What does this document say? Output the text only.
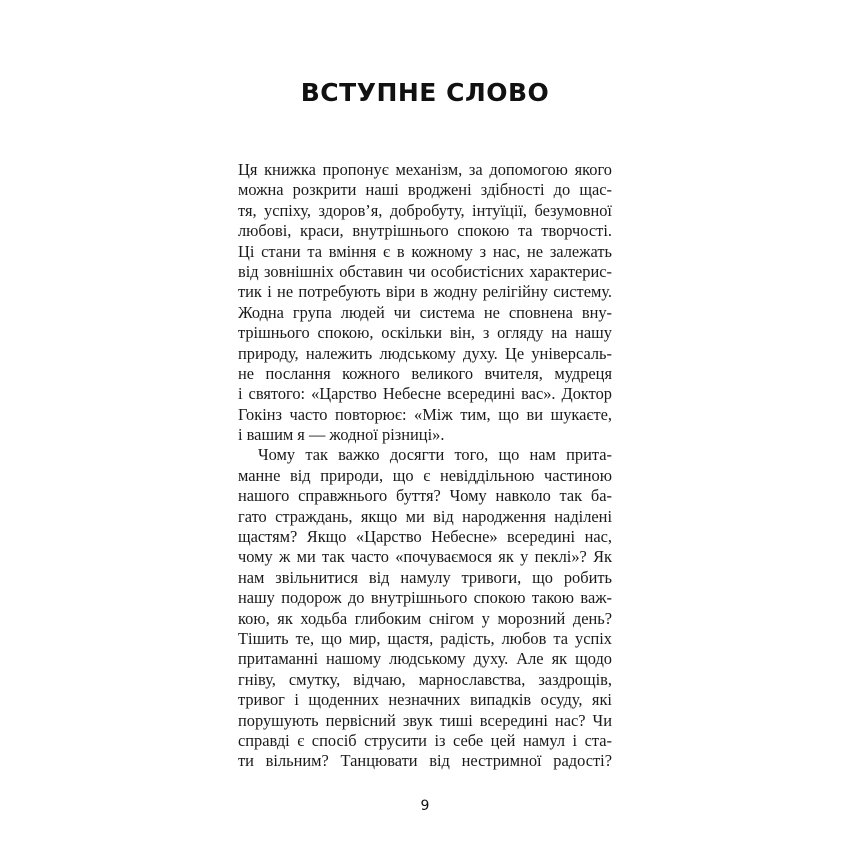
ВСТУПНЕ СЛОВО
Ця книжка пропонує механізм, за допомогою якого
можна розкрити наші вроджені здібності до щас-
тя, успіху, здоров’я, добробуту, інтуїції, безумовної
любові, краси, внутрішнього спокою та творчості.
Ці стани та вміння є в кожному з нас, не залежать
від зовнішніх обставин чи особистісних характерис-
тик і не потребують віри в жодну релігійну систему.
Жодна група людей чи система не сповнена вну-
трішнього спокою, оскільки він, з огляду на нашу
природу, належить людському духу. Це універсаль-
не послання кожного великого вчителя, мудреця
і святого: «Царство Небесне всередині вас». Доктор
Гокінз часто повторює: «Між тим, що ви шукаєте,
і вашим я — жодної різниці».
Чому так важко досягти того, що нам прита-
манне від природи, що є невіддільною частиною
нашого справжнього буття? Чому навколо так ба-
гато страждань, якщо ми від народження наділені
щастям? Якщо «Царство Небесне» всередині нас,
чому ж ми так часто «почуваємося як у пеклі»? Як
нам звільнитися від намулу тривоги, що робить
нашу подорож до внутрішнього спокою такою важ-
кою, як ходьба глибоким снігом у морозний день?
Тішить те, що мир, щастя, радість, любов та успіх
притаманні нашому людському духу. Але як щодо
гніву, смутку, відчаю, марнославства, заздрощів,
тривог і щоденних незначних випадків осуду, які
порушують первісний звук тиші всередині нас? Чи
справді є спосіб струсити із себе цей намул і ста-
ти вільним? Танцювати від нестримної радості?
9
